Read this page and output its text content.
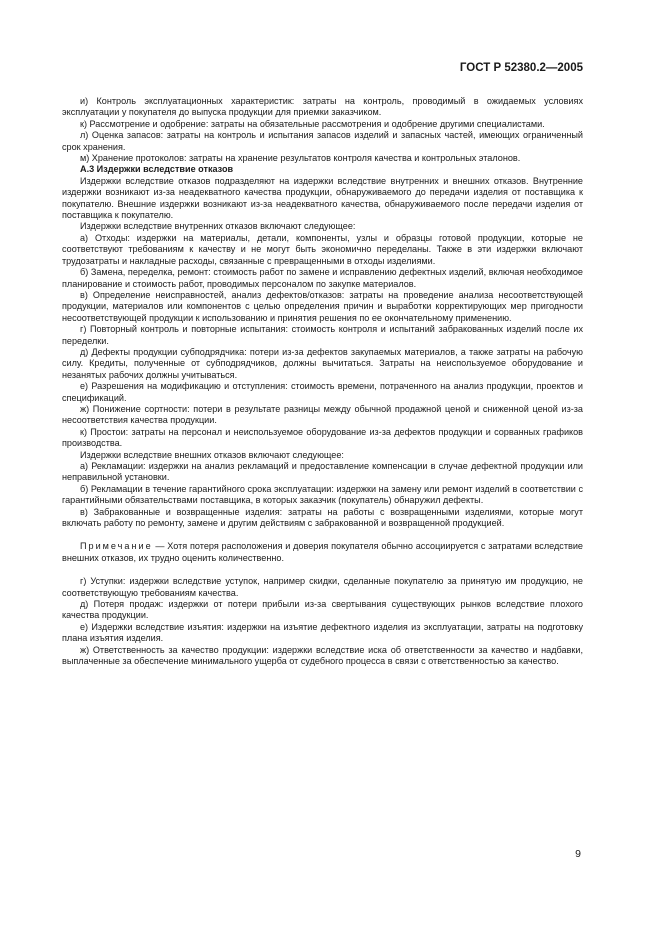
ГОСТ Р 52380.2—2005

и) Контроль эксплуатационных характеристик: затраты на контроль, проводимый в ожидаемых условиях эксплуатации у покупателя до выпуска продукции для приемки заказчиком.

к) Рассмотрение и одобрение: затраты на обязательные рассмотрения и одобрение другими специалистами.

л) Оценка запасов: затраты на контроль и испытания запасов изделий и запасных частей, имеющих ограниченный срок хранения.

м) Хранение протоколов: затраты на хранение результатов контроля качества и контрольных эталонов.

А.3 Издержки вследствие отказов

Издержки вследствие отказов подразделяют на издержки вследствие внутренних и внешних отказов. Внутренние издержки возникают из-за неадекватного качества продукции, обнаруживаемого до передачи изделия от поставщика к покупателю. Внешние издержки возникают из-за неадекватного качества, обнаруживаемого после передачи изделия от поставщика к покупателю.

Издержки вследствие внутренних отказов включают следующее:

а) Отходы: издержки на материалы, детали, компоненты, узлы и образцы готовой продукции, которые не соответствуют требованиям к качеству и не могут быть экономично переделаны. Также в эти издержки включают трудозатраты и накладные расходы, связанные с превращенными в отходы изделиями.

б) Замена, переделка, ремонт: стоимость работ по замене и исправлению дефектных изделий, включая необходимое планирование и стоимость работ, проводимых персоналом по закупке материалов.

в) Определение неисправностей, анализ дефектов/отказов: затраты на проведение анализа несоответствующей продукции, материалов или компонентов с целью определения причин и выработки корректирующих мер пригодности несоответствующей продукции к использованию и принятия решения по ее окончательному применению.

г) Повторный контроль и повторные испытания: стоимость контроля и испытаний забракованных изделий после их переделки.

д) Дефекты продукции субподрядчика: потери из-за дефектов закупаемых материалов, а также затраты на рабочую силу. Кредиты, полученные от субподрядчиков, должны вычитаться. Затраты на неиспользуемое оборудование и незанятых рабочих должны учитываться.

е) Разрешения на модификацию и отступления: стоимость времени, потраченного на анализ продукции, проектов и спецификаций.

ж) Понижение сортности: потери в результате разницы между обычной продажной ценой и сниженной ценой из-за несоответствия качества продукции.

к) Простои: затраты на персонал и неиспользуемое оборудование из-за дефектов продукции и сорванных графиков производства.

Издержки вследствие внешних отказов включают следующее:

а) Рекламации: издержки на анализ рекламаций и предоставление компенсации в случае дефектной продукции или неправильной установки.

б) Рекламации в течение гарантийного срока эксплуатации: издержки на замену или ремонт изделий в соответствии с гарантийными обязательствами поставщика, в которых заказчик (покупатель) обнаружил дефекты.

в) Забракованные и возвращенные изделия: затраты на работы с возвращенными изделиями, которые могут включать работу по ремонту, замене и другим действиям с забракованной и возвращенной продукцией.

Примечание — Хотя потеря расположения и доверия покупателя обычно ассоциируется с затратами вследствие внешних отказов, их трудно оценить количественно.

г) Уступки: издержки вследствие уступок, например скидки, сделанные покупателю за принятую им продукцию, не соответствующую требованиям качества.

д) Потеря продаж: издержки от потери прибыли из-за свертывания существующих рынков вследствие плохого качества продукции.

е) Издержки вследствие изъятия: издержки на изъятие дефектного изделия из эксплуатации, затраты на подготовку плана изъятия изделия.

ж) Ответственность за качество продукции: издержки вследствие иска об ответственности за качество и надбавки, выплаченные за обеспечение минимального ущерба от судебного процесса в связи с ответственностью за качество.

9
